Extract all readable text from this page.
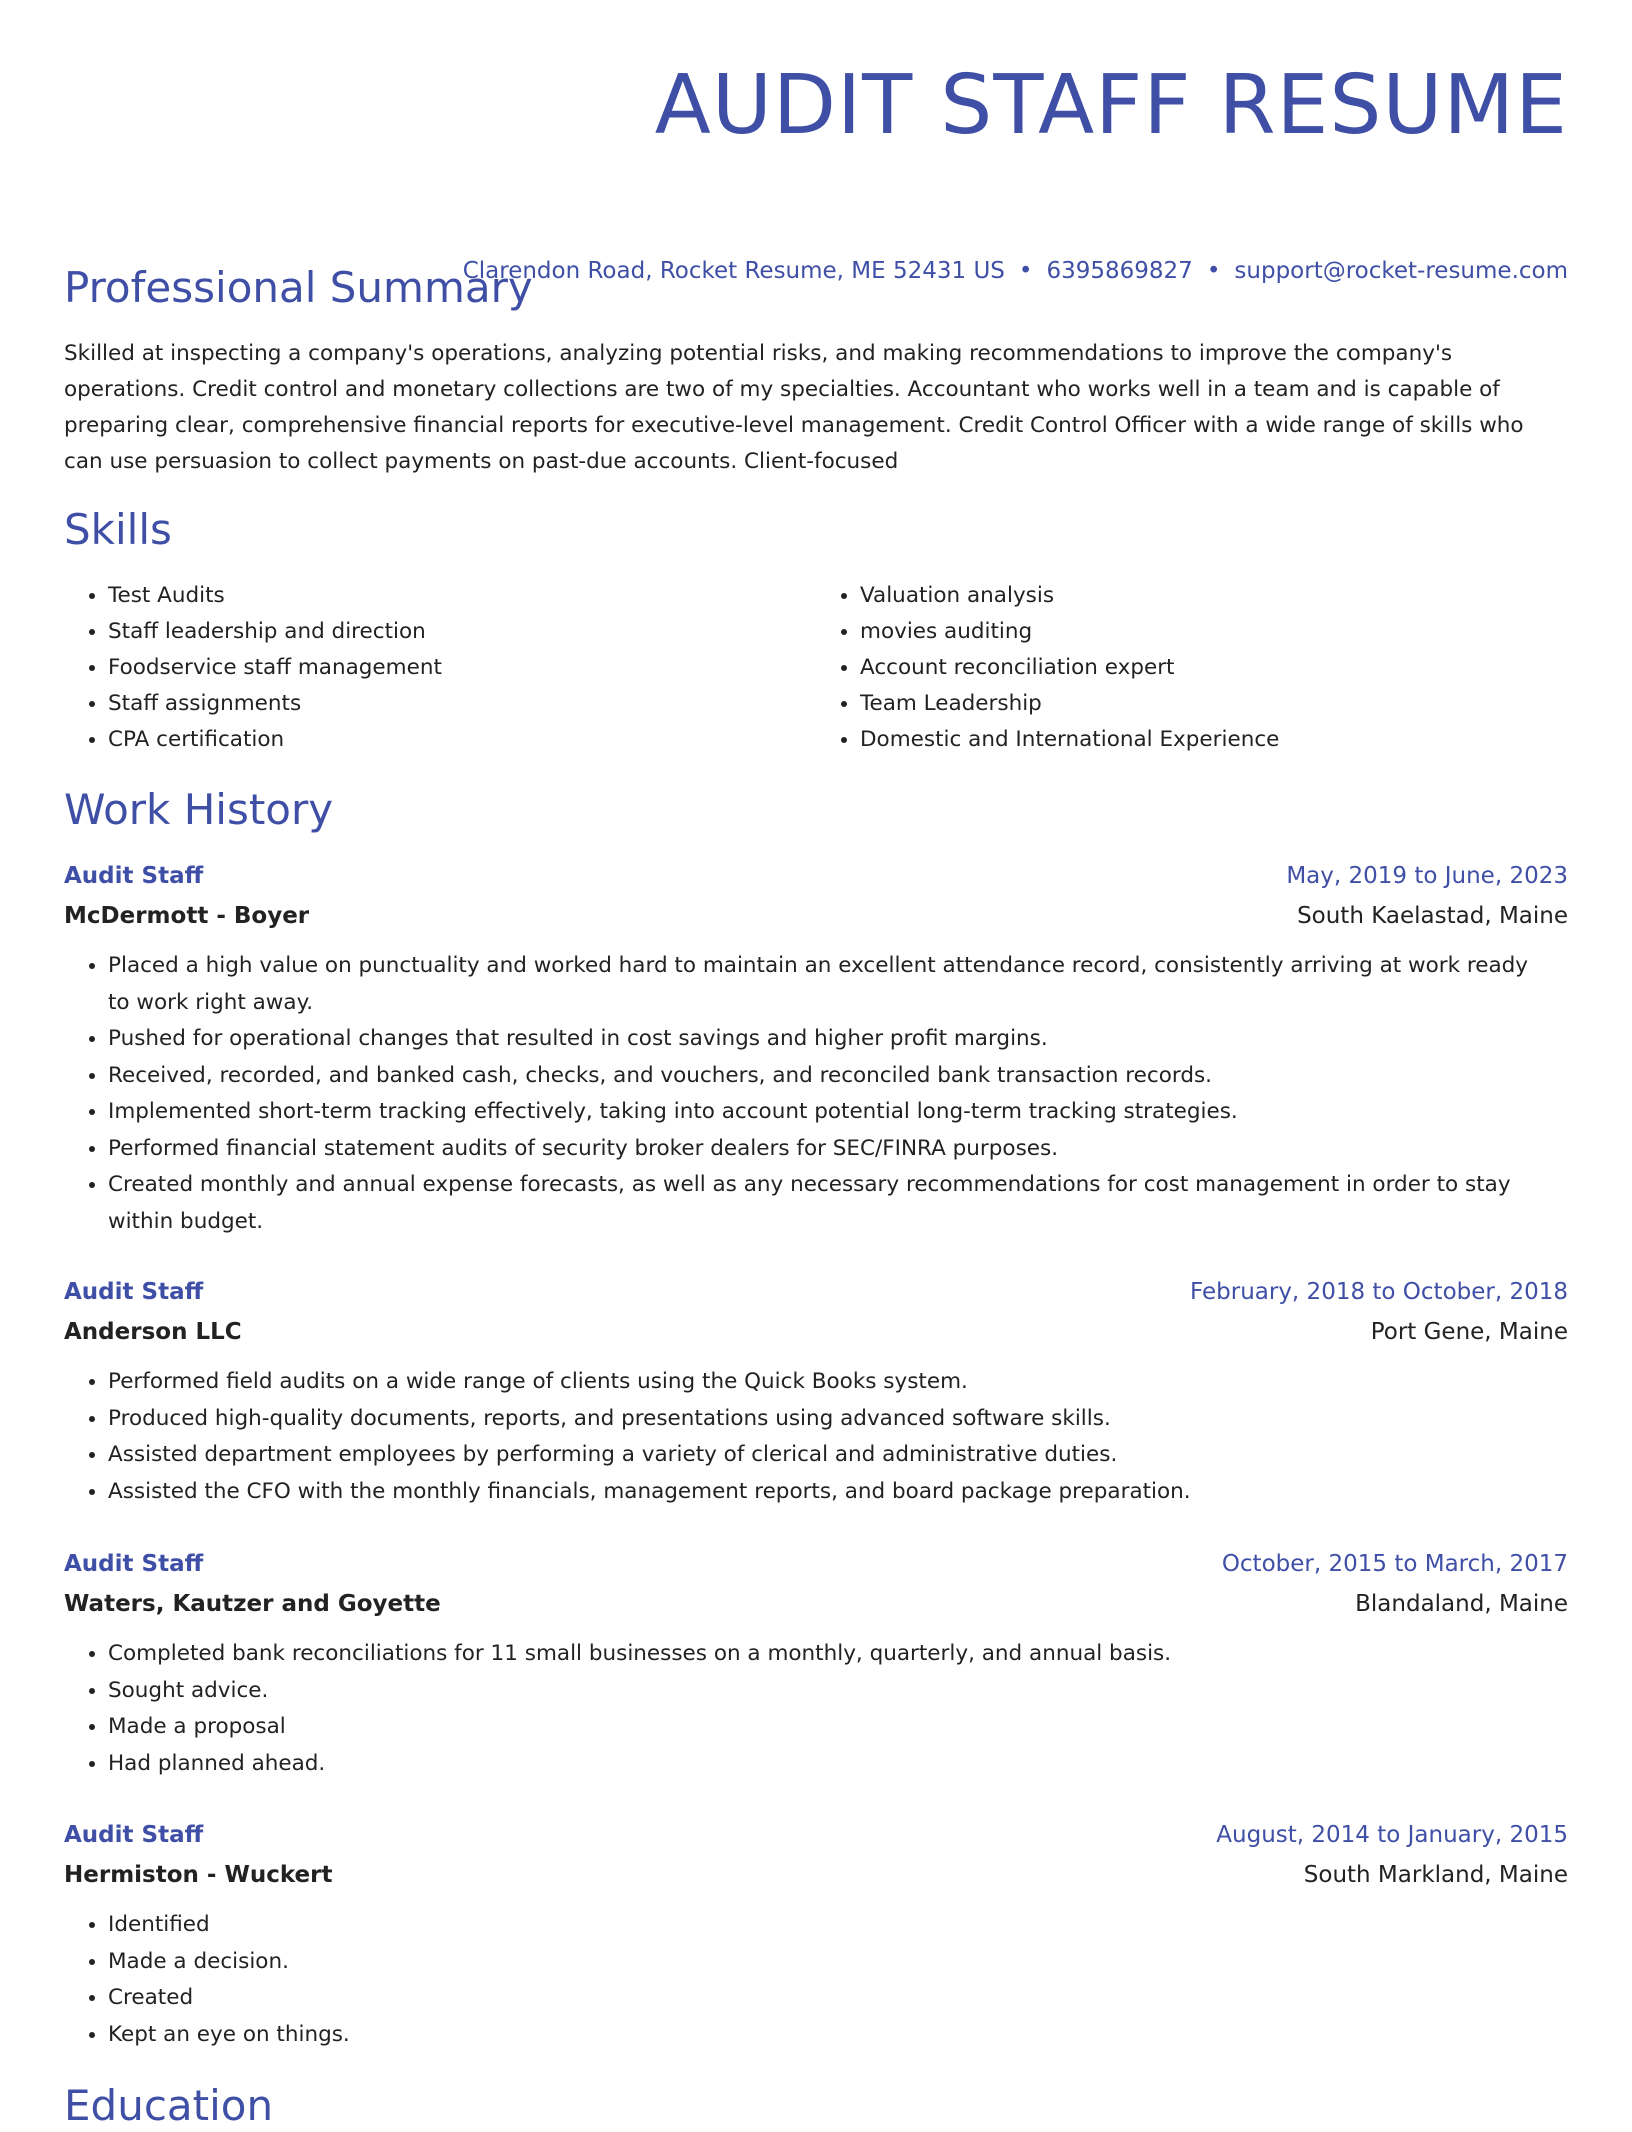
AUDIT STAFF RESUME
Clarendon Road, Rocket Resume, ME 52431 US • 6395869827 • support@rocket-resume.com
Professional Summary

Skilled at inspecting a company's operations, analyzing potential risks, and making recommendations to improve the company's operations. Credit control and monetary collections are two of my specialties. Accountant who works well in a team and is capable of preparing clear, comprehensive financial reports for executive-level management. Credit Control Officer with a wide range of skills who can use persuasion to collect payments on past-due accounts. Client-focused

Skills
• Test Audits
• Staff leadership and direction
• Foodservice staff management
• Staff assignments
• CPA certification
• Valuation analysis
• movies auditing
• Account reconciliation expert
• Team Leadership
• Domestic and International Experience
Work History
Audit Staff	May, 2019 to June, 2023
McDermott - Boyer	South Kaelastad, Maine
• Placed a high value on punctuality and worked hard to maintain an excellent attendance record, consistently arriving at work ready to work right away.
• Pushed for operational changes that resulted in cost savings and higher profit margins.
• Received, recorded, and banked cash, checks, and vouchers, and reconciled bank transaction records.
• Implemented short-term tracking effectively, taking into account potential long-term tracking strategies.
• Performed financial statement audits of security broker dealers for SEC/FINRA purposes.
• Created monthly and annual expense forecasts, as well as any necessary recommendations for cost management in order to stay within budget.
Audit Staff	February, 2018 to October, 2018
Anderson LLC	Port Gene, Maine
• Performed field audits on a wide range of clients using the Quick Books system.
• Produced high-quality documents, reports, and presentations using advanced software skills.
• Assisted department employees by performing a variety of clerical and administrative duties.
• Assisted the CFO with the monthly financials, management reports, and board package preparation.
Audit Staff	October, 2015 to March, 2017
Waters, Kautzer and Goyette	Blandaland, Maine
• Completed bank reconciliations for 11 small businesses on a monthly, quarterly, and annual basis.
• Sought advice.
• Made a proposal
• Had planned ahead.
Audit Staff	August, 2014 to January, 2015
Hermiston - Wuckert	South Markland, Maine
• Identified
• Made a decision.
• Created
• Kept an eye on things.
Education
